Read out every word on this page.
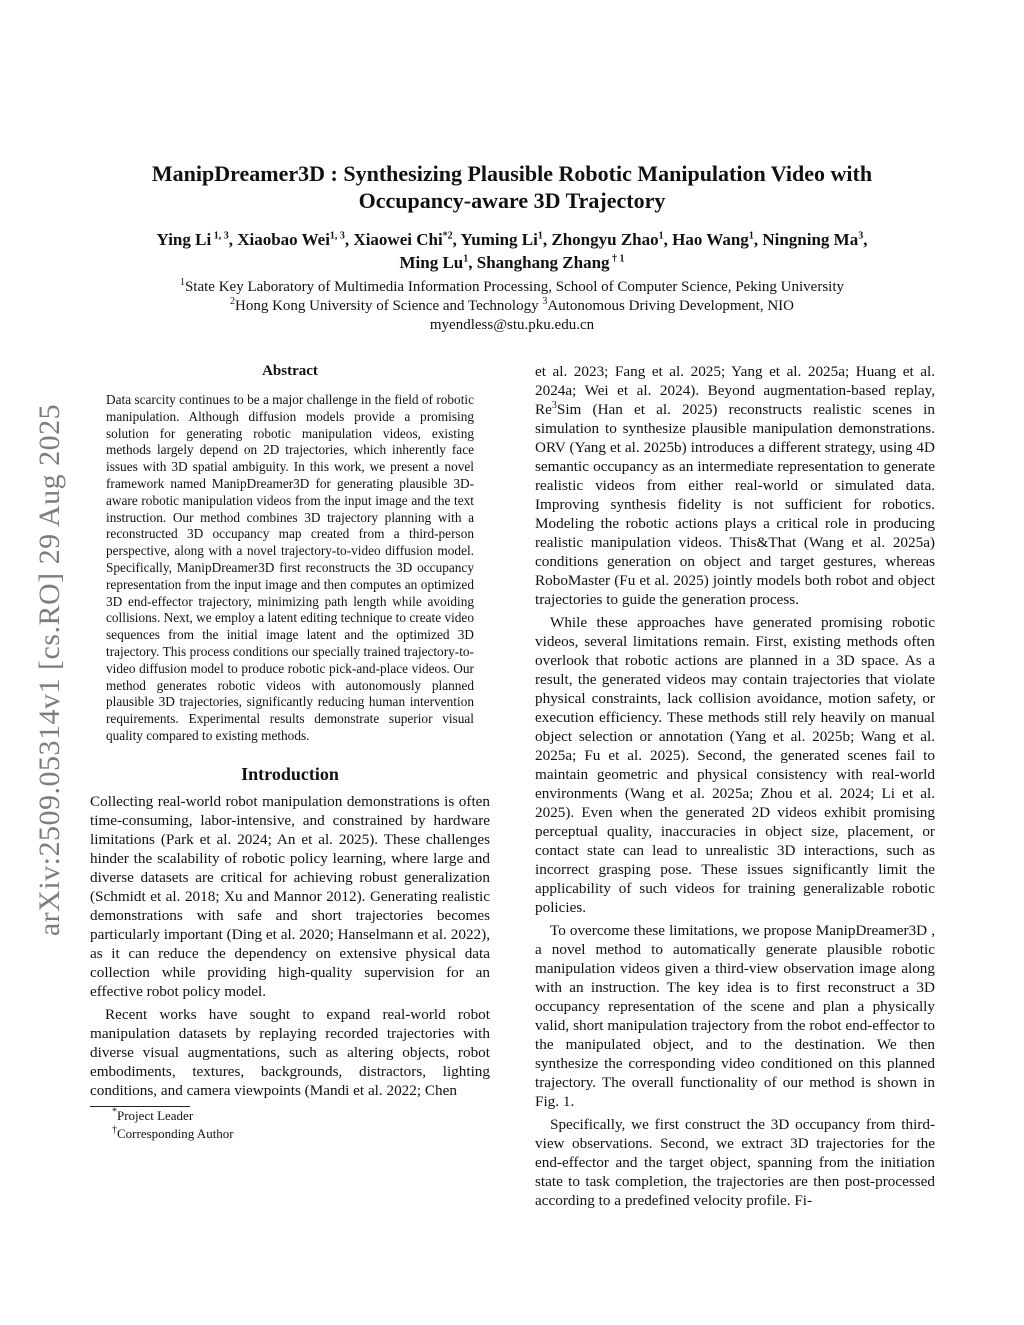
arXiv:2509.05314v1 [cs.RO] 29 Aug 2025
ManipDreamer3D : Synthesizing Plausible Robotic Manipulation Video with
Occupancy-aware 3D Trajectory
Ying Li $^{1, 3}$, Xiaobao Wei$^{1, 3}$, Xiaowei Chi$^{*2}$, Yuming Li$^1$, Zhongyu Zhao$^1$, Hao Wang$^1$, Ningning Ma$^3$,
Ming Lu$^1$, Shanghang Zhang $^{\dagger 1}$
$^1$State Key Laboratory of Multimedia Information Processing, School of Computer Science, Peking University
$^2$Hong Kong University of Science and Technology $^3$Autonomous Driving Development, NIO
myendless@stu.pku.edu.cn
Abstract

Data scarcity continues to be a major challenge in the field of robotic manipulation. Although diffusion models provide a promising solution for generating robotic manipulation videos, existing methods largely depend on 2D trajectories, which inherently face issues with 3D spatial ambiguity. In this work, we present a novel framework named ManipDreamer3D for generating plausible 3D-aware robotic manipulation videos from the input image and the text instruction. Our method combines 3D trajectory planning with a reconstructed 3D occupancy map created from a third-person perspective, along with a novel trajectory-to-video diffusion model. Specifically, ManipDreamer3D first reconstructs the 3D occupancy representation from the input image and then computes an optimized 3D end-effector trajectory, minimizing path length while avoiding collisions. Next, we employ a latent editing technique to create video sequences from the initial image latent and the optimized 3D trajectory. This process conditions our specially trained trajectory-to-video diffusion model to produce robotic pick-and-place videos. Our method generates robotic videos with autonomously planned plausible 3D trajectories, significantly reducing human intervention requirements. Experimental results demonstrate superior visual quality compared to existing methods.

Introduction

Collecting real-world robot manipulation demonstrations is often time-consuming, labor-intensive, and constrained by hardware limitations (Park et al. 2024; An et al. 2025). These challenges hinder the scalability of robotic policy learning, where large and diverse datasets are critical for achieving robust generalization (Schmidt et al. 2018; Xu and Mannor 2012). Generating realistic demonstrations with safe and short trajectories becomes particularly important (Ding et al. 2020; Hanselmann et al. 2022), as it can reduce the dependency on extensive physical data collection while providing high-quality supervision for an effective robot policy model.

Recent works have sought to expand real-world robot manipulation datasets by replaying recorded trajectories with diverse visual augmentations, such as altering objects, robot embodiments, textures, backgrounds, distractors, lighting conditions, and camera viewpoints (Mandi et al. 2022; Chen

*Project Leader
†Corresponding Author

et al. 2023; Fang et al. 2025; Yang et al. 2025a; Huang et al. 2024a; Wei et al. 2024). Beyond augmentation-based replay, Re$^3$Sim (Han et al. 2025) reconstructs realistic scenes in simulation to synthesize plausible manipulation demonstrations. ORV (Yang et al. 2025b) introduces a different strategy, using 4D semantic occupancy as an intermediate representation to generate realistic videos from either real-world or simulated data. Improving synthesis fidelity is not sufficient for robotics. Modeling the robotic actions plays a critical role in producing realistic manipulation videos. This&That (Wang et al. 2025a) conditions generation on object and target gestures, whereas RoboMaster (Fu et al. 2025) jointly models both robot and object trajectories to guide the generation process.

While these approaches have generated promising robotic videos, several limitations remain. First, existing methods often overlook that robotic actions are planned in a 3D space. As a result, the generated videos may contain trajectories that violate physical constraints, lack collision avoidance, motion safety, or execution efficiency. These methods still rely heavily on manual object selection or annotation (Yang et al. 2025b; Wang et al. 2025a; Fu et al. 2025). Second, the generated scenes fail to maintain geometric and physical consistency with real-world environments (Wang et al. 2025a; Zhou et al. 2024; Li et al. 2025). Even when the generated 2D videos exhibit promising perceptual quality, inaccuracies in object size, placement, or contact state can lead to unrealistic 3D interactions, such as incorrect grasping pose. These issues significantly limit the applicability of such videos for training generalizable robotic policies.

To overcome these limitations, we propose ManipDreamer3D , a novel method to automatically generate plausible robotic manipulation videos given a third-view observation image along with an instruction. The key idea is to first reconstruct a 3D occupancy representation of the scene and plan a physically valid, short manipulation trajectory from the robot end-effector to the manipulated object, and to the destination. We then synthesize the corresponding video conditioned on this planned trajectory. The overall functionality of our method is shown in Fig. 1.

Specifically, we first construct the 3D occupancy from third-view observations. Second, we extract 3D trajectories for the end-effector and the target object, spanning from the initiation state to task completion, the trajectories are then post-processed according to a predefined velocity profile. Fi-
